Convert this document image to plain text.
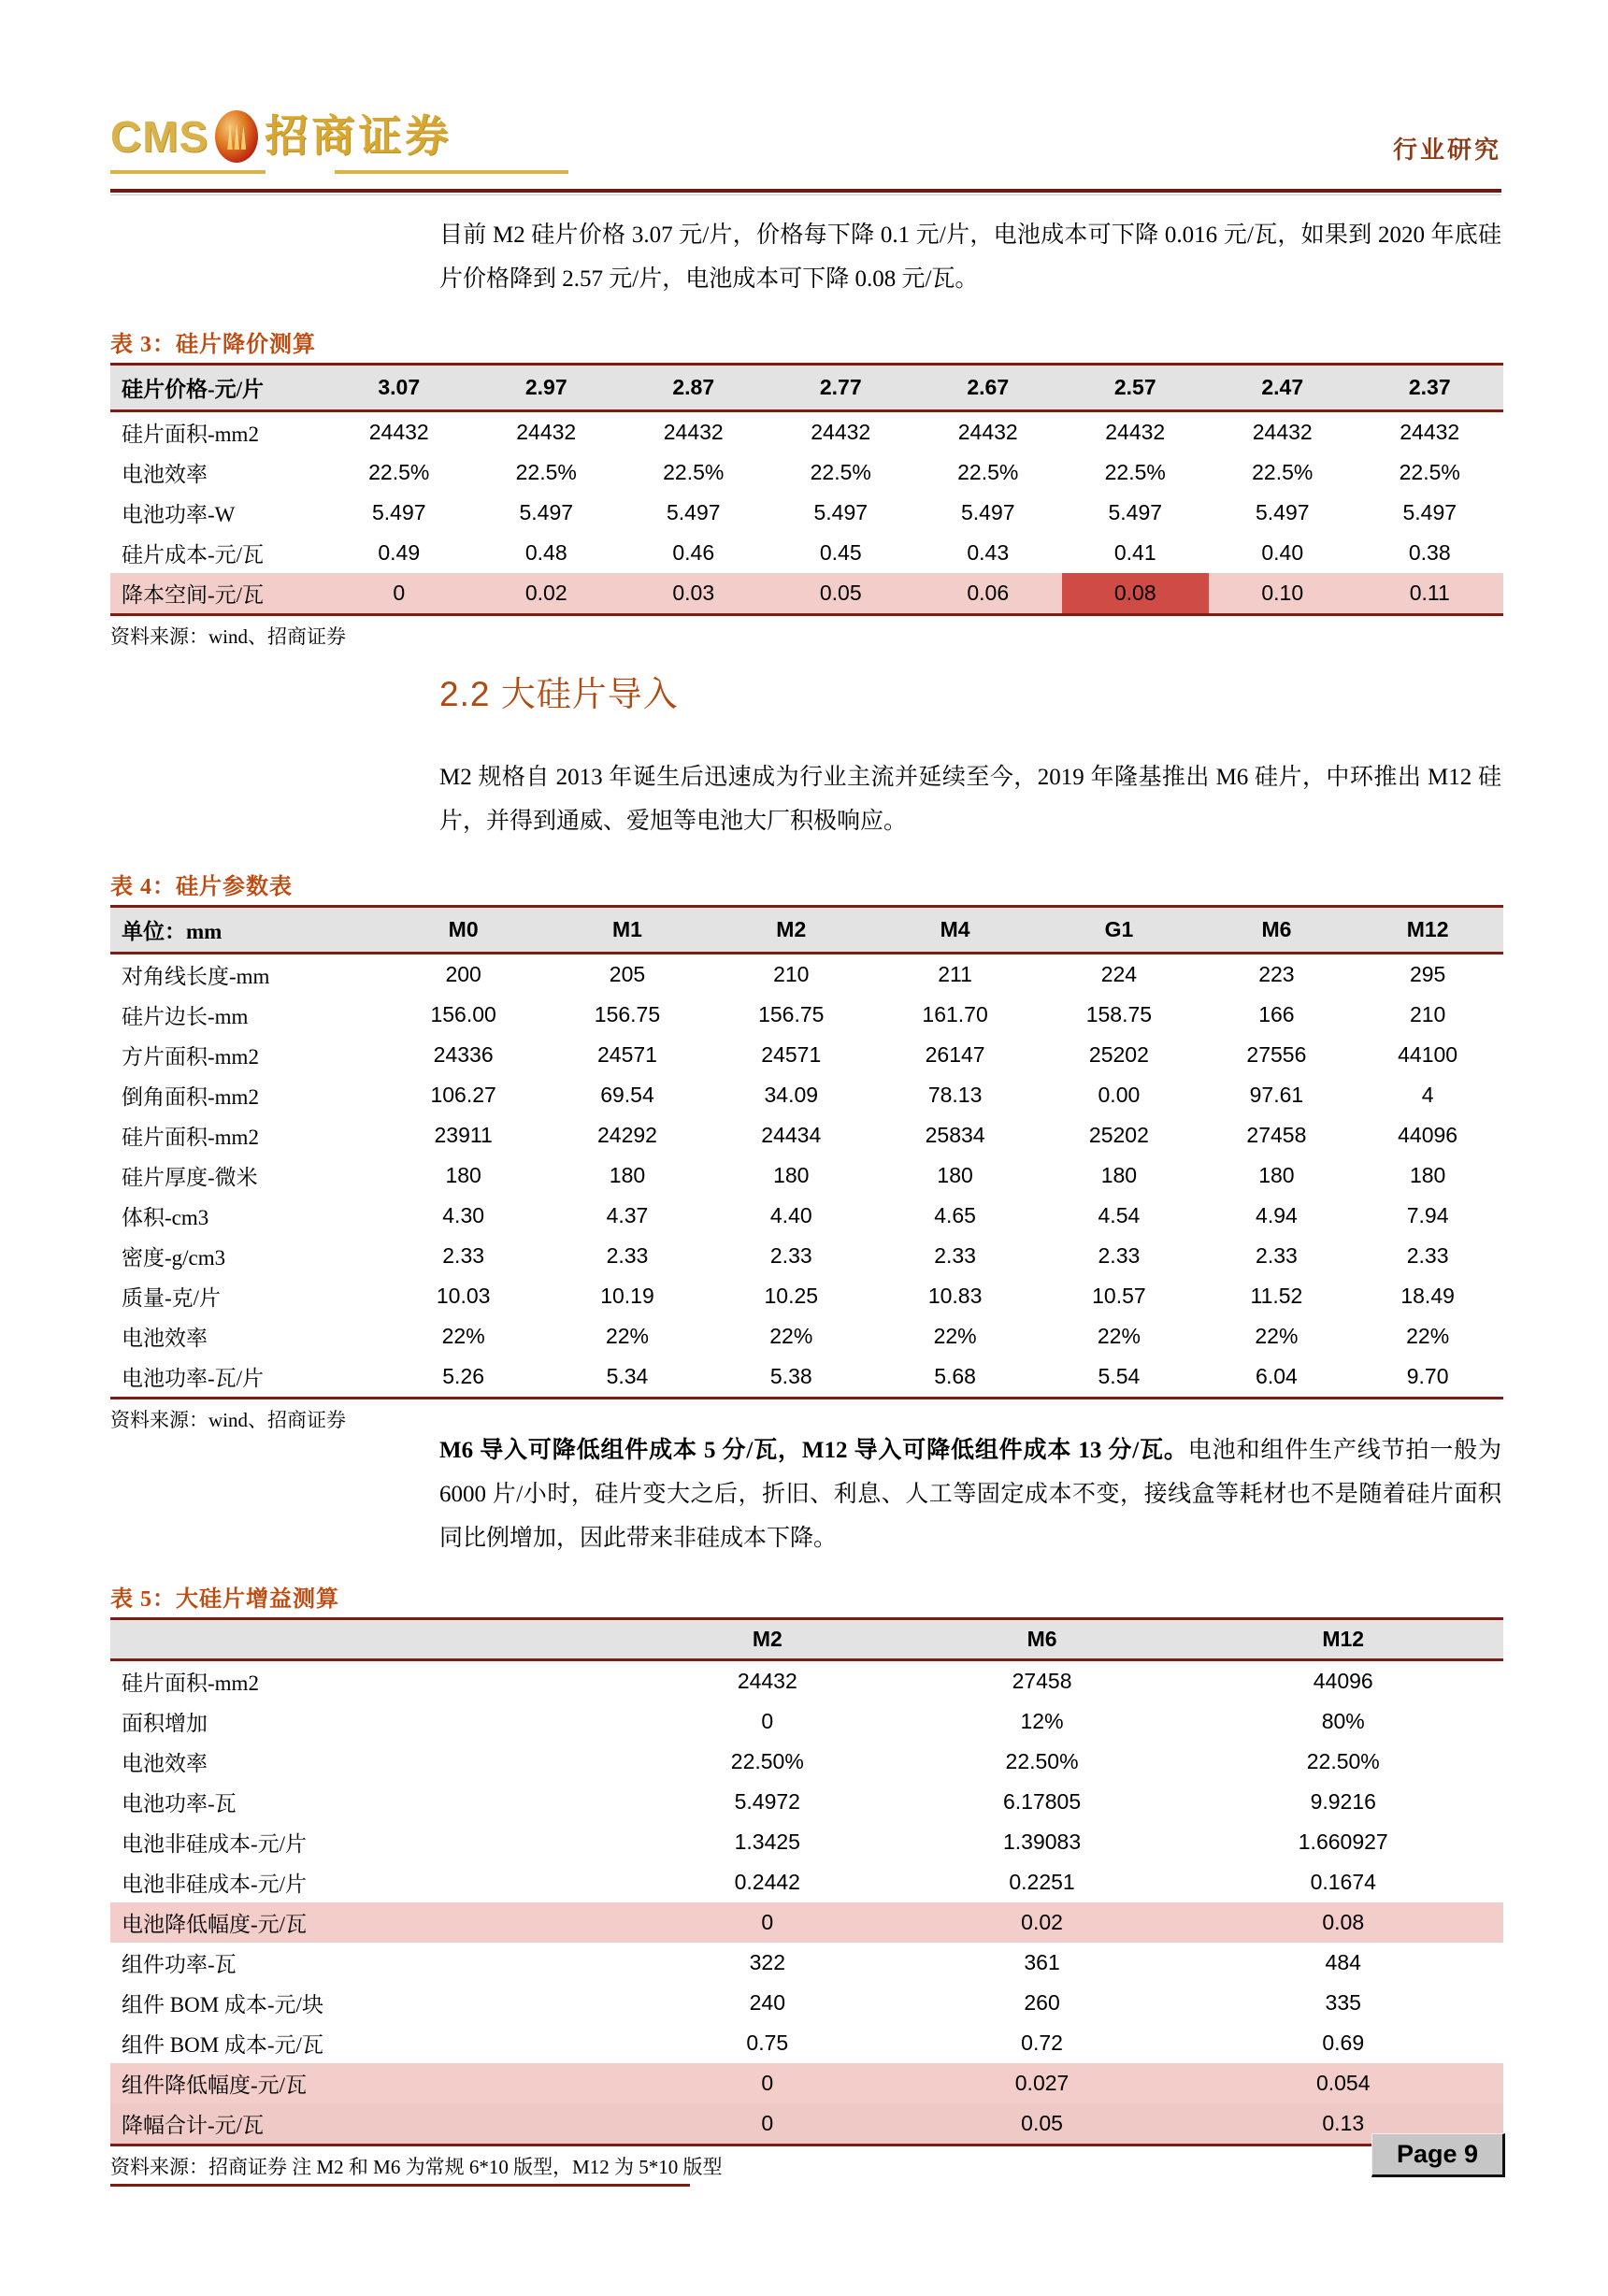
CMS 招商证券	行业研究
目前 M2 硅片价格 3.07 元/片，价格每下降 0.1 元/片，电池成本可下降 0.016 元/瓦，如果到 2020 年底硅片价格降到 2.57 元/片，电池成本可下降 0.08 元/瓦。
表 3：硅片降价测算
硅片价格-元/片	3.07	2.97	2.87	2.77	2.67	2.57	2.47	2.37
硅片面积-mm2	24432	24432	24432	24432	24432	24432	24432	24432
电池效率	22.5%	22.5%	22.5%	22.5%	22.5%	22.5%	22.5%	22.5%
电池功率-W	5.497	5.497	5.497	5.497	5.497	5.497	5.497	5.497
硅片成本-元/瓦	0.49	0.48	0.46	0.45	0.43	0.41	0.40	0.38
降本空间-元/瓦	0	0.02	0.03	0.05	0.06	0.08	0.10	0.11
资料来源：wind、招商证券
2.2 大硅片导入
M2 规格自 2013 年诞生后迅速成为行业主流并延续至今，2019 年隆基推出 M6 硅片，中环推出 M12 硅片，并得到通威、爱旭等电池大厂积极响应。
表 4：硅片参数表
单位：mm	M0	M1	M2	M4	G1	M6	M12
对角线长度-mm	200	205	210	211	224	223	295
硅片边长-mm	156.00	156.75	156.75	161.70	158.75	166	210
方片面积-mm2	24336	24571	24571	26147	25202	27556	44100
倒角面积-mm2	106.27	69.54	34.09	78.13	0.00	97.61	4
硅片面积-mm2	23911	24292	24434	25834	25202	27458	44096
硅片厚度-微米	180	180	180	180	180	180	180
体积-cm3	4.30	4.37	4.40	4.65	4.54	4.94	7.94
密度-g/cm3	2.33	2.33	2.33	2.33	2.33	2.33	2.33
质量-克/片	10.03	10.19	10.25	10.83	10.57	11.52	18.49
电池效率	22%	22%	22%	22%	22%	22%	22%
电池功率-瓦/片	5.26	5.34	5.38	5.68	5.54	6.04	9.70
资料来源：wind、招商证券
M6 导入可降低组件成本 5 分/瓦，M12 导入可降低组件成本 13 分/瓦。电池和组件生产线节拍一般为 6000 片/小时，硅片变大之后，折旧、利息、人工等固定成本不变，接线盒等耗材也不是随着硅片面积同比例增加，因此带来非硅成本下降。
表 5：大硅片增益测算
	M2	M6	M12
硅片面积-mm2	24432	27458	44096
面积增加	0	12%	80%
电池效率	22.50%	22.50%	22.50%
电池功率-瓦	5.4972	6.17805	9.9216
电池非硅成本-元/片	1.3425	1.39083	1.660927
电池非硅成本-元/片	0.2442	0.2251	0.1674
电池降低幅度-元/瓦	0	0.02	0.08
组件功率-瓦	322	361	484
组件 BOM 成本-元/块	240	260	335
组件 BOM 成本-元/瓦	0.75	0.72	0.69
组件降低幅度-元/瓦	0	0.027	0.054
降幅合计-元/瓦	0	0.05	0.13
资料来源：招商证券 注 M2 和 M6 为常规 6*10 版型，M12 为 5*10 版型	Page 9
